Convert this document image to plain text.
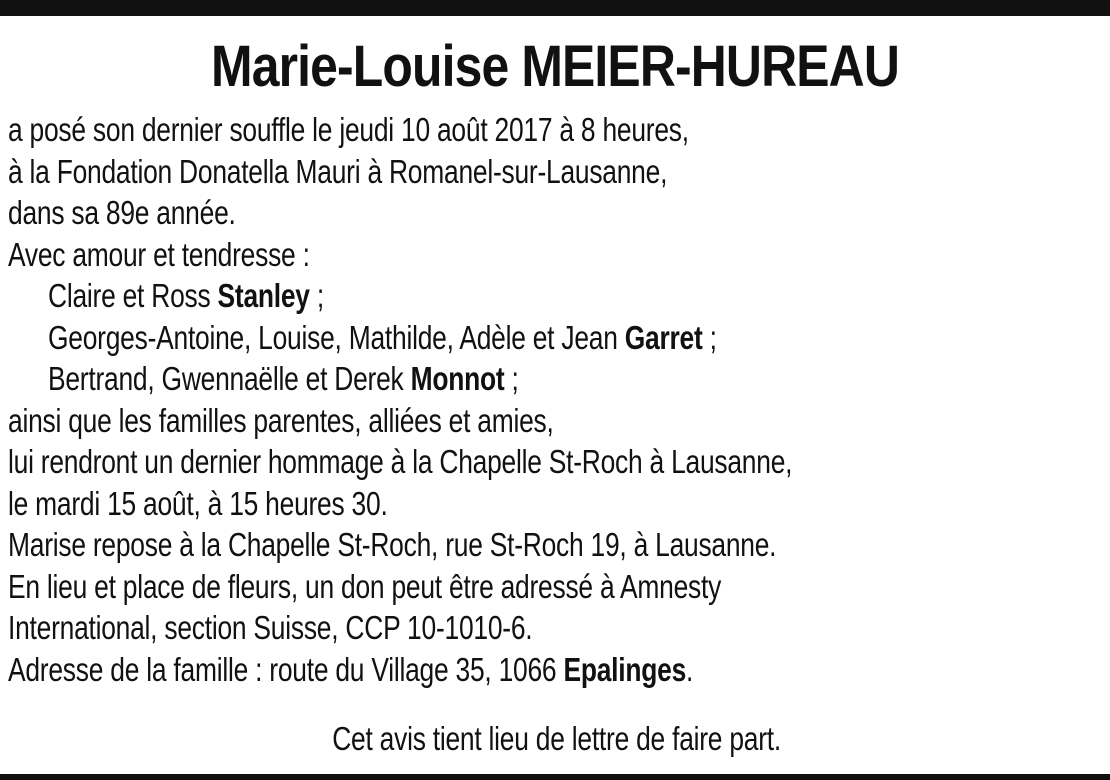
Marie-Louise MEIER-HUREAU
a posé son dernier souffle le jeudi 10 août 2017 à 8 heures,
à la Fondation Donatella Mauri à Romanel-sur-Lausanne,
dans sa 89e année.
Avec amour et tendresse :
Claire et Ross Stanley ;
Georges-Antoine, Louise, Mathilde, Adèle et Jean Garret ;
Bertrand, Gwennaëlle et Derek Monnot ;
ainsi que les familles parentes, alliées et amies,
lui rendront un dernier hommage à la Chapelle St-Roch à Lausanne,
le mardi 15 août, à 15 heures 30.
Marise repose à la Chapelle St-Roch, rue St-Roch 19, à Lausanne.
En lieu et place de fleurs, un don peut être adressé à Amnesty
International, section Suisse, CCP 10-1010-6.
Adresse de la famille : route du Village 35, 1066 Epalinges.
Cet avis tient lieu de lettre de faire part.
